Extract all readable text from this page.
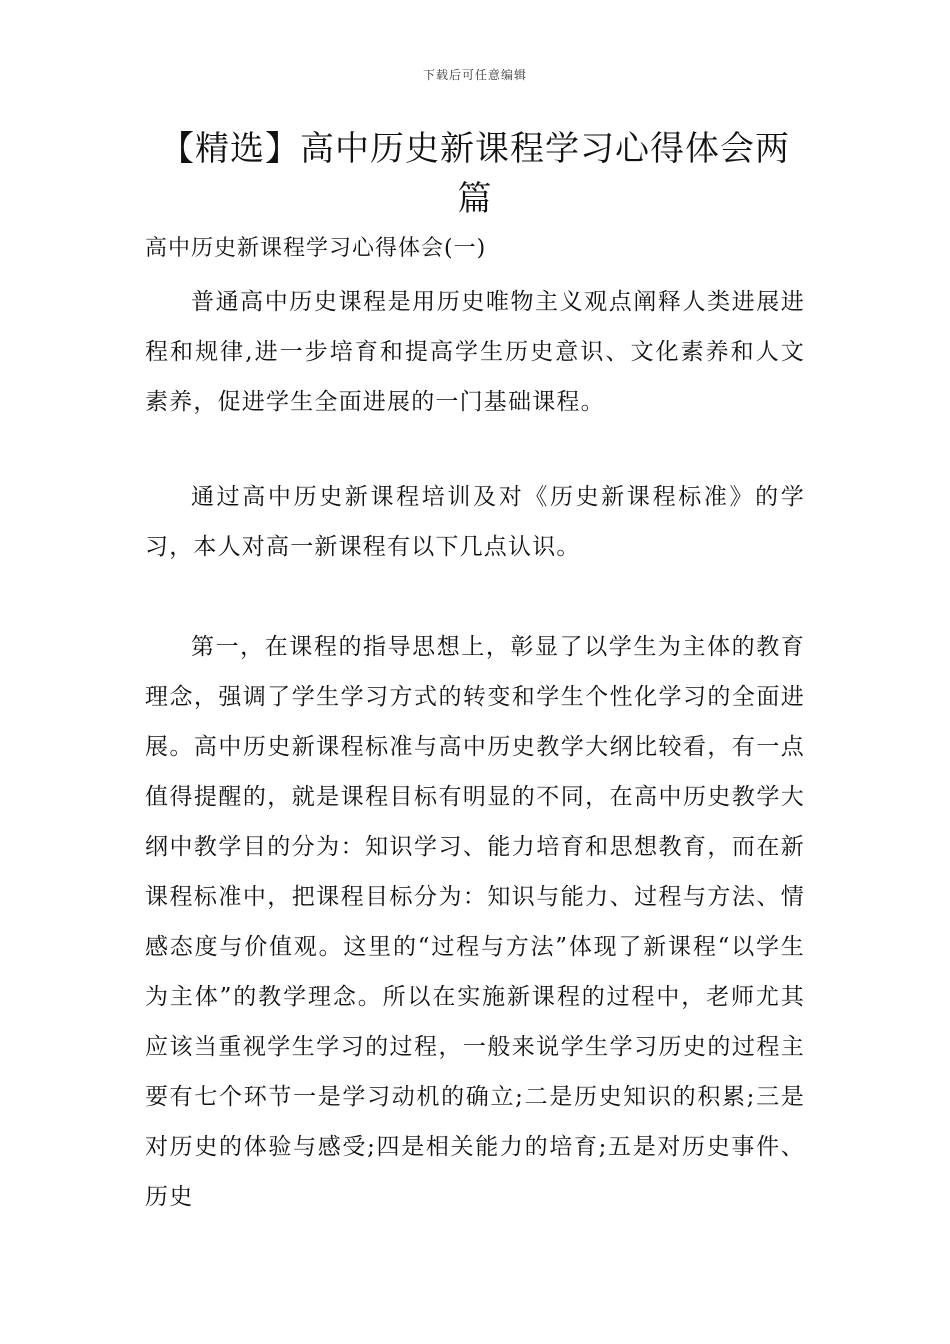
下载后可任意编辑
【精选】高中历史新课程学习心得体会两篇
高中历史新课程学习心得体会(一)

普通高中历史课程是用历史唯物主义观点阐释人类进展进程和规律,进一步培育和提高学生历史意识、文化素养和人文素养，促进学生全面进展的一门基础课程。

通过高中历史新课程培训及对《历史新课程标准》的学习，本人对高一新课程有以下几点认识。

第一，在课程的指导思想上，彰显了以学生为主体的教育理念，强调了学生学习方式的转变和学生个性化学习的全面进展。高中历史新课程标准与高中历史教学大纲比较看，有一点值得提醒的，就是课程目标有明显的不同，在高中历史教学大纲中教学目的分为：知识学习、能力培育和思想教育，而在新课程标准中，把课程目标分为：知识与能力、过程与方法、情感态度与价值观。这里的“过程与方法”体现了新课程“以学生为主体”的教学理念。所以在实施新课程的过程中，老师尤其应该当重视学生学习的过程，一般来说学生学习历史的过程主要有七个环节一是学习动机的确立;二是历史知识的积累;三是对历史的体验与感受;四是相关能力的培育;五是对历史事件、历史
